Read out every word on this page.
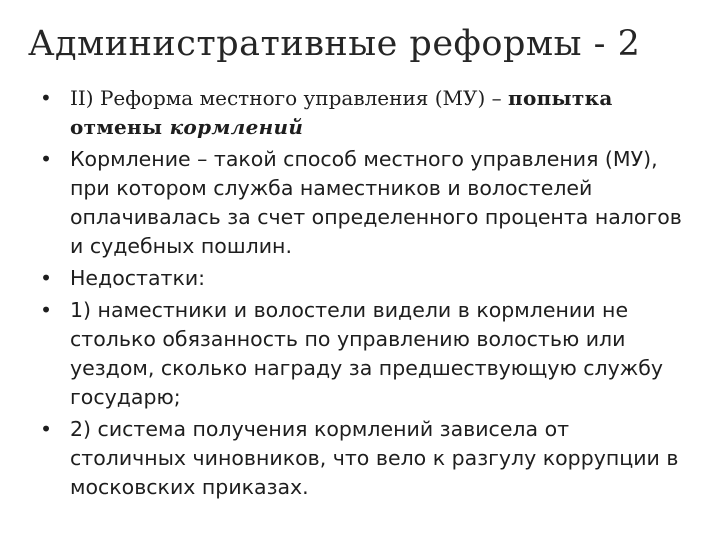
Административные реформы - 2
• II) Реформа местного управления (МУ) – попытка отмены кормлений
• Кормление – такой способ местного управления (МУ), при котором служба наместников и волостелей оплачивалась за счет определенного процента налогов и судебных пошлин.
• Недостатки:
• 1) наместники и волостели видели в кормлении не столько обязанность по управлению волостью или уездом, сколько награду за предшествующую службу государю;
• 2) система получения кормлений зависела от столичных чиновников, что вело к разгулу коррупции в московских приказах.
